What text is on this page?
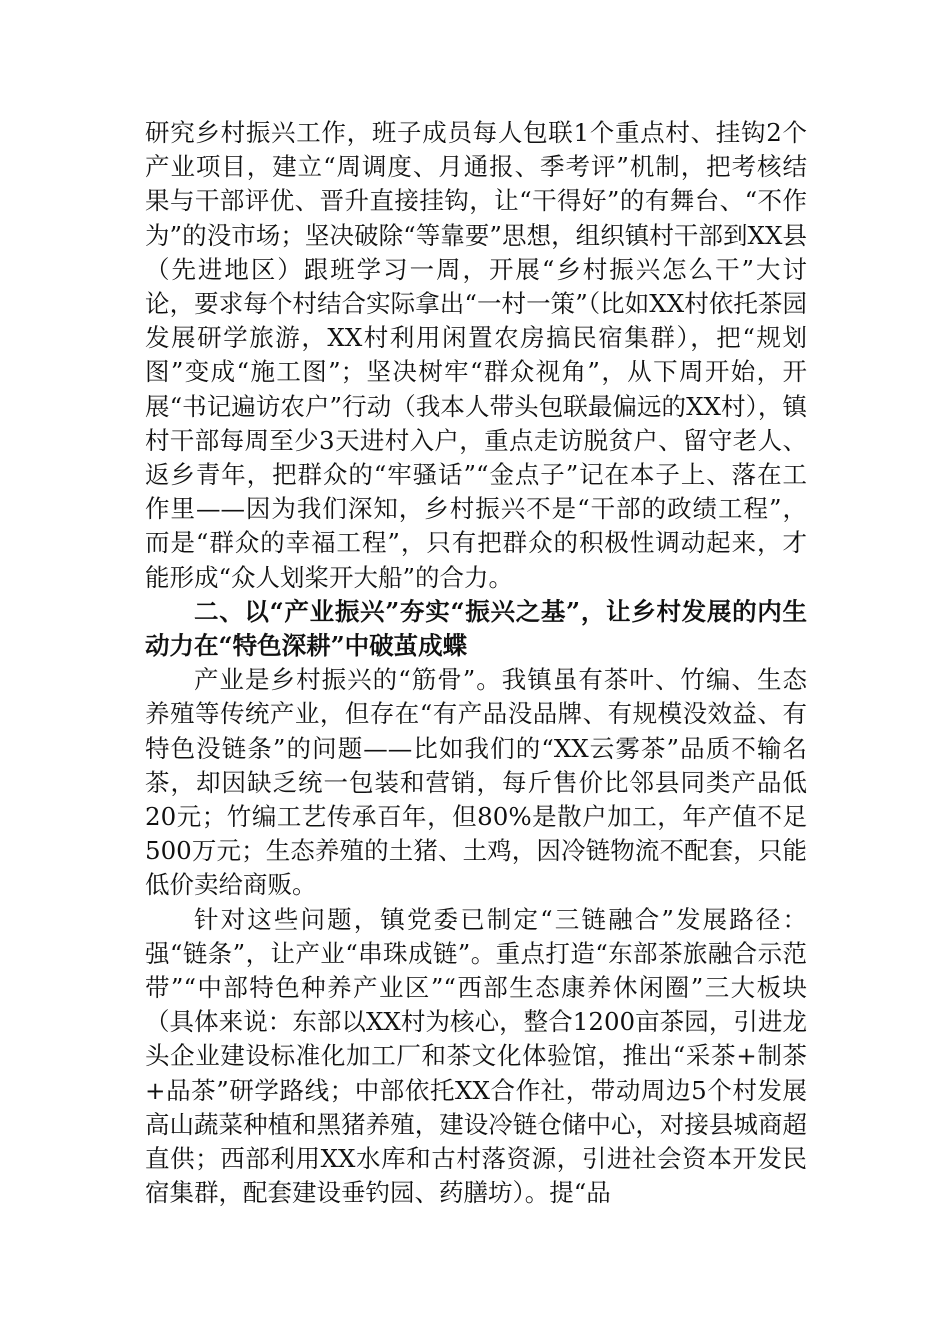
研究乡村振兴工作，班子成员每人包联1个重点村、挂钩2个产业项目，建立“周调度、月通报、季考评”机制，把考核结果与干部评优、晋升直接挂钩，让“干得好”的有舞台、“不作为”的没市场；坚决破除“等靠要”思想，组织镇村干部到XX县（先进地区）跟班学习一周，开展“乡村振兴怎么干”大讨论，要求每个村结合实际拿出“一村一策”（比如XX村依托茶园发展研学旅游，XX村利用闲置农房搞民宿集群），把“规划图”变成“施工图”；坚决树牢“群众视角”，从下周开始，开展“书记遍访农户”行动（我本人带头包联最偏远的XX村），镇村干部每周至少3天进村入户，重点走访脱贫户、留守老人、返乡青年，把群众的“牢骚话”“金点子”记在本子上、落在工作里——因为我们深知，乡村振兴不是“干部的政绩工程”，而是“群众的幸福工程”，只有把群众的积极性调动起来，才能形成“众人划桨开大船”的合力。

二、以“产业振兴”夯实“振兴之基”，让乡村发展的内生动力在“特色深耕”中破茧成蝶

产业是乡村振兴的“筋骨”。我镇虽有茶叶、竹编、生态养殖等传统产业，但存在“有产品没品牌、有规模没效益、有特色没链条”的问题——比如我们的“XX云雾茶”品质不输名茶，却因缺乏统一包装和营销，每斤售价比邻县同类产品低20元；竹编工艺传承百年，但80%是散户加工，年产值不足500万元；生态养殖的土猪、土鸡，因冷链物流不配套，只能低价卖给商贩。

针对这些问题，镇党委已制定“三链融合”发展路径：强“链条”，让产业“串珠成链”。重点打造“东部茶旅融合示范带”“中部特色种养产业区”“西部生态康养休闲圈”三大板块（具体来说：东部以XX村为核心，整合1200亩茶园，引进龙头企业建设标准化加工厂和茶文化体验馆，推出“采茶+制茶+品茶”研学路线；中部依托XX合作社，带动周边5个村发展高山蔬菜种植和黑猪养殖，建设冷链仓储中心，对接县城商超直供；西部利用XX水库和古村落资源，引进社会资本开发民宿集群，配套建设垂钓园、药膳坊）。提“品
